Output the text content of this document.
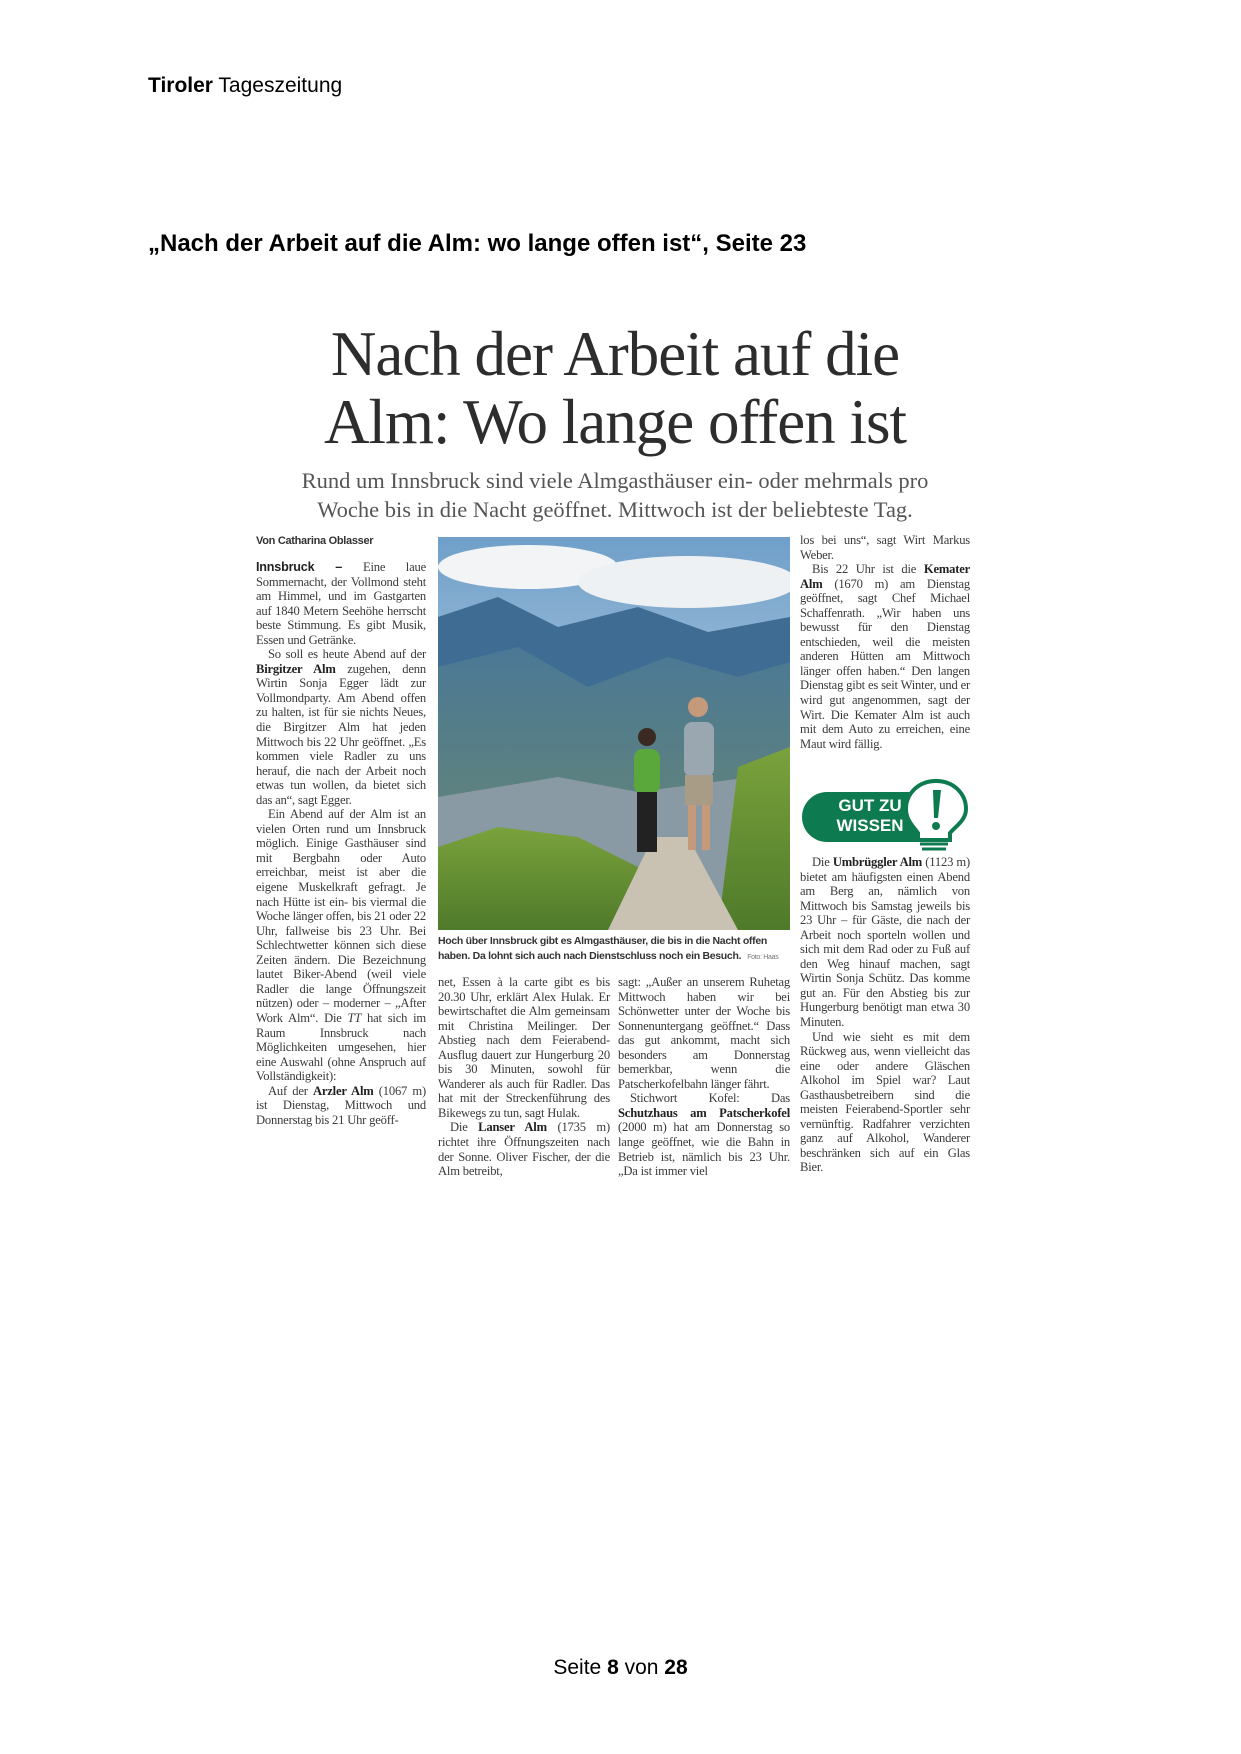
Tiroler Tageszeitung
„Nach der Arbeit auf die Alm: wo lange offen ist“, Seite 23
Nach der Arbeit auf die
Alm: Wo lange offen ist
Rund um Innsbruck sind viele Almgasthäuser ein- oder mehrmals pro
Woche bis in die Nacht geöffnet. Mittwoch ist der beliebteste Tag.
Von Catharina Oblasser

Innsbruck – Eine laue Sommernacht, der Vollmond steht am Himmel, und im Gastgarten auf 1840 Metern Seehöhe herrscht beste Stimmung. Es gibt Musik, Essen und Getränke.

So soll es heute Abend auf der Birgitzer Alm zugehen, denn Wirtin Sonja Egger lädt zur Vollmondparty. Am Abend offen zu halten, ist für sie nichts Neues, die Birgitzer Alm hat jeden Mittwoch bis 22 Uhr geöffnet. „Es kommen viele Radler zu uns herauf, die nach der Arbeit noch etwas tun wollen, da bietet sich das an“, sagt Egger.

Ein Abend auf der Alm ist an vielen Orten rund um Innsbruck möglich. Einige Gasthäuser sind mit Bergbahn oder Auto erreichbar, meist ist aber die eigene Muskelkraft gefragt. Je nach Hütte ist ein- bis viermal die Woche länger offen, bis 21 oder 22 Uhr, fallweise bis 23 Uhr. Bei Schlechtwetter können sich diese Zeiten ändern. Die Bezeichnung lautet Biker-Abend (weil viele Radler die lange Öffnungszeit nützen) oder – moderner – „After Work Alm“. Die TT hat sich im Raum Innsbruck nach Möglichkeiten umgesehen, hier eine Auswahl (ohne Anspruch auf Vollständigkeit):

Auf der Arzler Alm (1067 m) ist Dienstag, Mittwoch und Donnerstag bis 21 Uhr geöff-

Hoch über Innsbruck gibt es Almgasthäuser, die bis in die Nacht offen haben. Da lohnt sich auch nach Dienstschluss noch ein Besuch. Foto: Haas

net, Essen à la carte gibt es bis 20.30 Uhr, erklärt Alex Hulak. Er bewirtschaftet die Alm gemeinsam mit Christina Meilinger. Der Abstieg nach dem Feierabend-Ausflug dauert zur Hungerburg 20 bis 30 Minuten, sowohl für Wanderer als auch für Radler. Das hat mit der Streckenführung des Bikewegs zu tun, sagt Hulak.

Die Lanser Alm (1735 m) richtet ihre Öffnungszeiten nach der Sonne. Oliver Fischer, der die Alm betreibt,

sagt: „Außer an unserem Ruhetag Mittwoch haben wir bei Schönwetter unter der Woche bis Sonnenuntergang geöffnet.“ Dass das gut ankommt, macht sich besonders am Donnerstag bemerkbar, wenn die Patscherkofelbahn länger fährt.

Stichwort Kofel: Das Schutzhaus am Patscherkofel (2000 m) hat am Donnerstag so lange geöffnet, wie die Bahn in Betrieb ist, nämlich bis 23 Uhr. „Da ist immer viel

los bei uns“, sagt Wirt Markus Weber.

Bis 22 Uhr ist die Kemater Alm (1670 m) am Dienstag geöffnet, sagt Chef Michael Schaffenrath. „Wir haben uns bewusst für den Dienstag entschieden, weil die meisten anderen Hütten am Mittwoch länger offen haben.“ Den langen Dienstag gibt es seit Winter, und er wird gut angenommen, sagt der Wirt. Die Kemater Alm ist auch mit dem Auto zu erreichen, eine Maut wird fällig.

GUT ZU
WISSEN

Die Umbrüggler Alm (1123 m) bietet am häufigsten einen Abend am Berg an, nämlich von Mittwoch bis Samstag jeweils bis 23 Uhr – für Gäste, die nach der Arbeit noch sporteln wollen und sich mit dem Rad oder zu Fuß auf den Weg hinauf machen, sagt Wirtin Sonja Schütz. Das komme gut an. Für den Abstieg bis zur Hungerburg benötigt man etwa 30 Minuten.

Und wie sieht es mit dem Rückweg aus, wenn vielleicht das eine oder andere Gläschen Alkohol im Spiel war? Laut Gasthausbetreibern sind die meisten Feierabend-Sportler sehr vernünftig. Radfahrer verzichten ganz auf Alkohol, Wanderer beschränken sich auf ein Glas Bier.

Seite 8 von 28
